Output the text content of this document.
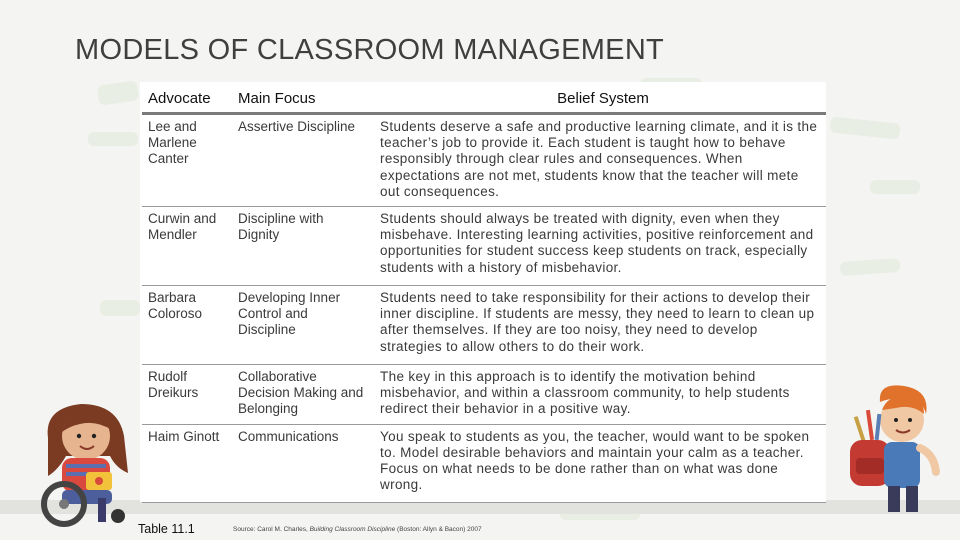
MODELS OF CLASSROOM MANAGEMENT
Advocate	Main Focus	Belief System
Lee and Marlene Canter	Assertive Discipline	Students deserve a safe and productive learning climate, and it is the teacher’s job to provide it. Each student is taught how to behave responsibly through clear rules and consequences. When expectations are not met, students know that the teacher will mete out consequences.
Curwin and Mendler	Discipline with Dignity	Students should always be treated with dignity, even when they misbehave. Interesting learning activities, positive reinforcement and opportunities for student success keep students on track, especially students with a history of misbehavior.
Barbara Coloroso	Developing Inner Control and Discipline	Students need to take responsibility for their actions to develop their inner discipline. If students are messy, they need to learn to clean up after themselves. If they are too noisy, they need to develop strategies to allow others to do their work.
Rudolf Dreikurs	Collaborative Decision Making and Belonging	The key in this approach is to identify the motivation behind misbehavior, and within a classroom community, to help students redirect their behavior in a positive way.
Haim Ginott	Communications	You speak to students as you, the teacher, would want to be spoken to. Model desirable behaviors and maintain your calm as a teacher. Focus on what needs to be done rather than on what was done wrong.
Table 11.1	Source: Carol M. Charles, Building Classroom Discipline (Boston: Allyn & Bacon) 2007
